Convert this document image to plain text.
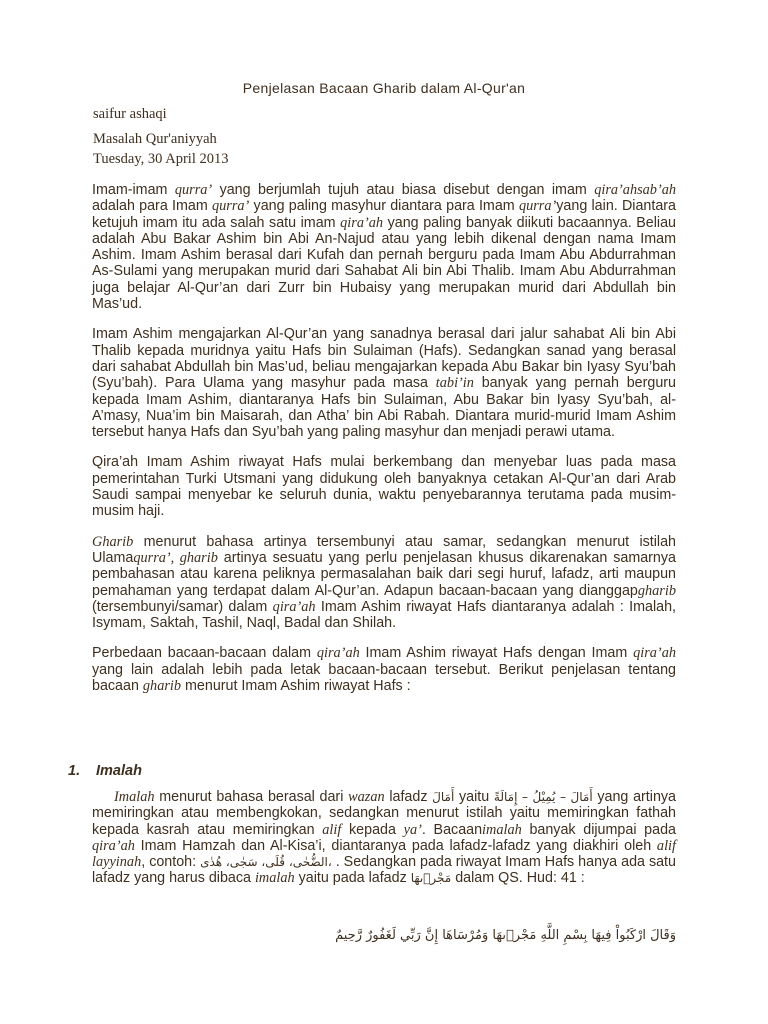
Penjelasan Bacaan Gharib dalam Al-Qur'an
saifur ashaqi
Masalah Qur'aniyyah
Tuesday, 30 April 2013

Imam-imam qurra’ yang berjumlah tujuh atau biasa disebut dengan imam qira’ahsab’ah adalah para Imam qurra’ yang paling masyhur diantara para Imam qurra’yang lain. Diantara ketujuh imam itu ada salah satu imam qira’ah yang paling banyak diikuti bacaannya. Beliau adalah Abu Bakar Ashim bin Abi An-Najud atau yang lebih dikenal dengan nama Imam Ashim. Imam Ashim berasal dari Kufah dan pernah berguru pada Imam Abu Abdurrahman As-Sulami yang merupakan murid dari Sahabat Ali bin Abi Thalib. Imam Abu Abdurrahman juga belajar Al-Qur’an dari Zurr bin Hubaisy yang merupakan murid dari Abdullah bin Mas’ud.

Imam Ashim mengajarkan Al-Qur’an yang sanadnya berasal dari jalur sahabat Ali bin Abi Thalib kepada muridnya yaitu Hafs bin Sulaiman (Hafs). Sedangkan sanad yang berasal dari sahabat Abdullah bin Mas’ud, beliau mengajarkan kepada Abu Bakar bin Iyasy Syu’bah (Syu’bah). Para Ulama yang masyhur pada masa tabi’in banyak yang pernah berguru kepada Imam Ashim, diantaranya Hafs bin Sulaiman, Abu Bakar bin Iyasy Syu’bah, al-A’masy, Nua’im bin Maisarah, dan Atha’ bin Abi Rabah. Diantara murid-murid Imam Ashim tersebut hanya Hafs dan Syu’bah yang paling masyhur dan menjadi perawi utama.

Qira’ah Imam Ashim riwayat Hafs mulai berkembang dan menyebar luas pada masa pemerintahan Turki Utsmani yang didukung oleh banyaknya cetakan Al-Qur’an dari Arab Saudi sampai menyebar ke seluruh dunia, waktu penyebarannya terutama pada musim-musim haji.

Gharib menurut bahasa artinya tersembunyi atau samar, sedangkan menurut istilah Ulamaqurra’, gharib artinya sesuatu yang perlu penjelasan khusus dikarenakan samarnya pembahasan atau karena peliknya permasalahan baik dari segi huruf, lafadz, arti maupun pemahaman yang terdapat dalam Al-Qur’an. Adapun bacaan-bacaan yang dianggapgharib (tersembunyi/samar) dalam qira’ah Imam Ashim riwayat Hafs diantaranya adalah : Imalah, Isymam, Saktah, Tashil, Naql, Badal dan Shilah.

Perbedaan bacaan-bacaan dalam qira’ah Imam Ashim riwayat Hafs dengan Imam qira’ah yang lain adalah lebih pada letak bacaan-bacaan tersebut. Berikut penjelasan tentang bacaan gharib menurut Imam Ashim riwayat Hafs :

1. Imalah
Imalah menurut bahasa berasal dari wazan lafadz أَمَالَ yaitu أَمَالَ – يُمِيْلُ – إِمَالَةً yang artinya memiringkan atau membengkokan, sedangkan menurut istilah yaitu memiringkan fathah kepada kasrah atau memiringkan alif kepada ya’. Bacaanimalah banyak dijumpai pada qira’ah Imam Hamzah dan Al-Kisa’i, diantaranya pada lafadz-lafadz yang diakhiri oleh alif layyinah, contoh: الضُّحٰى، قُلَى، سَجٰى، هُدٰى، . Sedangkan pada riwayat Imam Hafs hanya ada satu lafadz yang harus dibaca imalah yaitu pada lafadz مَجْرٖىهَا dalam QS. Hud: 41 :
وَقَالَ ارْكَبُواْ فِيهَا بِسْمِ اللَّهِ مَجْرٖىهَا وَمُرْسَاهَا إِنَّ رَبِّي لَغَفُورٌ رَّحِيمٌ
